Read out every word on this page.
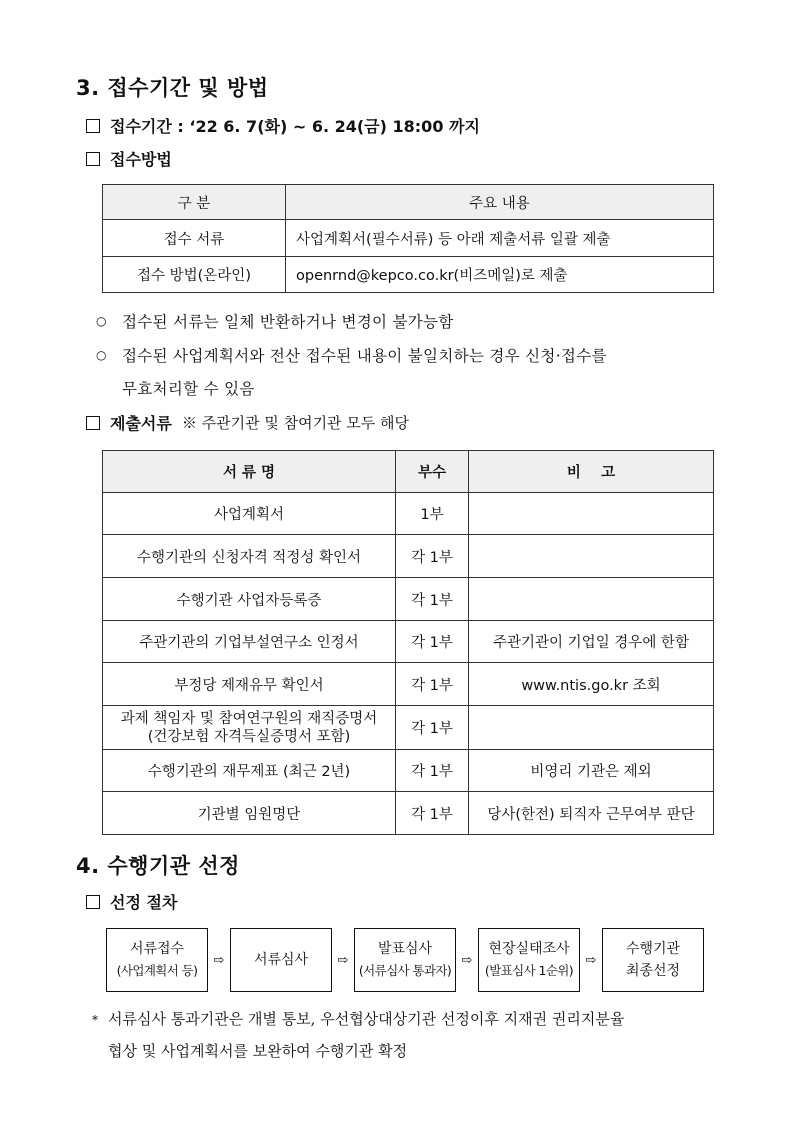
3. 접수기간 및 방법
접수기간 : ‘22 6. 7(화) ~ 6. 24(금) 18:00 까지
접수방법
구 분	주요 내용
접수 서류	사업계획서(필수서류) 등 아래 제출서류 일괄 제출
접수 방법(온라인)	openrnd@kepco.co.kr(비즈메일)로 제출
○ 접수된 서류는 일체 반환하거나 변경이 불가능함
○ 접수된 사업계획서와 전산 접수된 내용이 불일치하는 경우 신청·접수를
무효처리할 수 있음
제출서류 ※ 주관기관 및 참여기관 모두 해당
서 류 명	부수	비    고
사업계획서	1부	
수행기관의 신청자격 적정성 확인서	각 1부	
수행기관 사업자등록증	각 1부	
주관기관의 기업부설연구소 인정서	각 1부	주관기관이 기업일 경우에 한함
부정당 제재유무 확인서	각 1부	www.ntis.go.kr 조회

과제 책임자 및 참여연구원의 재직증명서
(건강보험 자격득실증명서 포함)	각 1부	
수행기관의 재무제표 (최근 2년)	각 1부	비영리 기관은 제외
기관별 임원명단	각 1부	당사(한전) 퇴직자 근무여부 판단
4. 수행기관 선정
선정 절차
서류접수
(사업계획서 등)
⇨	서류심사	⇨
발표심사
(서류심사 통과자)
⇨
현장실태조사
(발표심사 1순위)
⇨
수행기관
최종선정
* 서류심사 통과기관은 개별 통보, 우선협상대상기관 선정이후 지재권 권리지분율
협상 및 사업계획서를 보완하여 수행기관 확정
